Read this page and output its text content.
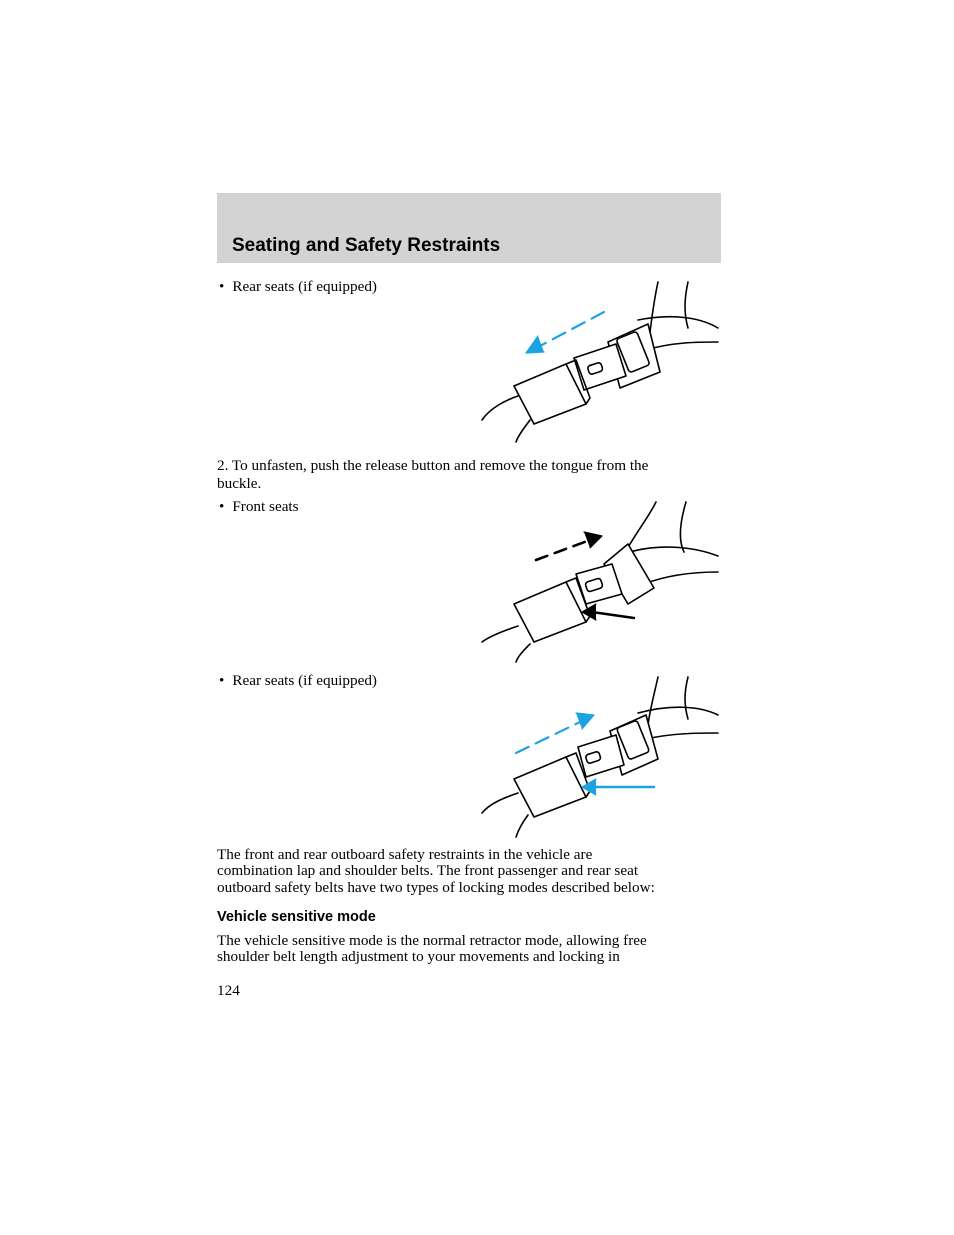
Seating and Safety Restraints
• Rear seats (if equipped)
2. To unfasten, push the release button and remove the tongue from the
buckle.
• Front seats
• Rear seats (if equipped)
The front and rear outboard safety restraints in the vehicle are
combination lap and shoulder belts. The front passenger and rear seat
outboard safety belts have two types of locking modes described below:
Vehicle sensitive mode
The vehicle sensitive mode is the normal retractor mode, allowing free
shoulder belt length adjustment to your movements and locking in
124
